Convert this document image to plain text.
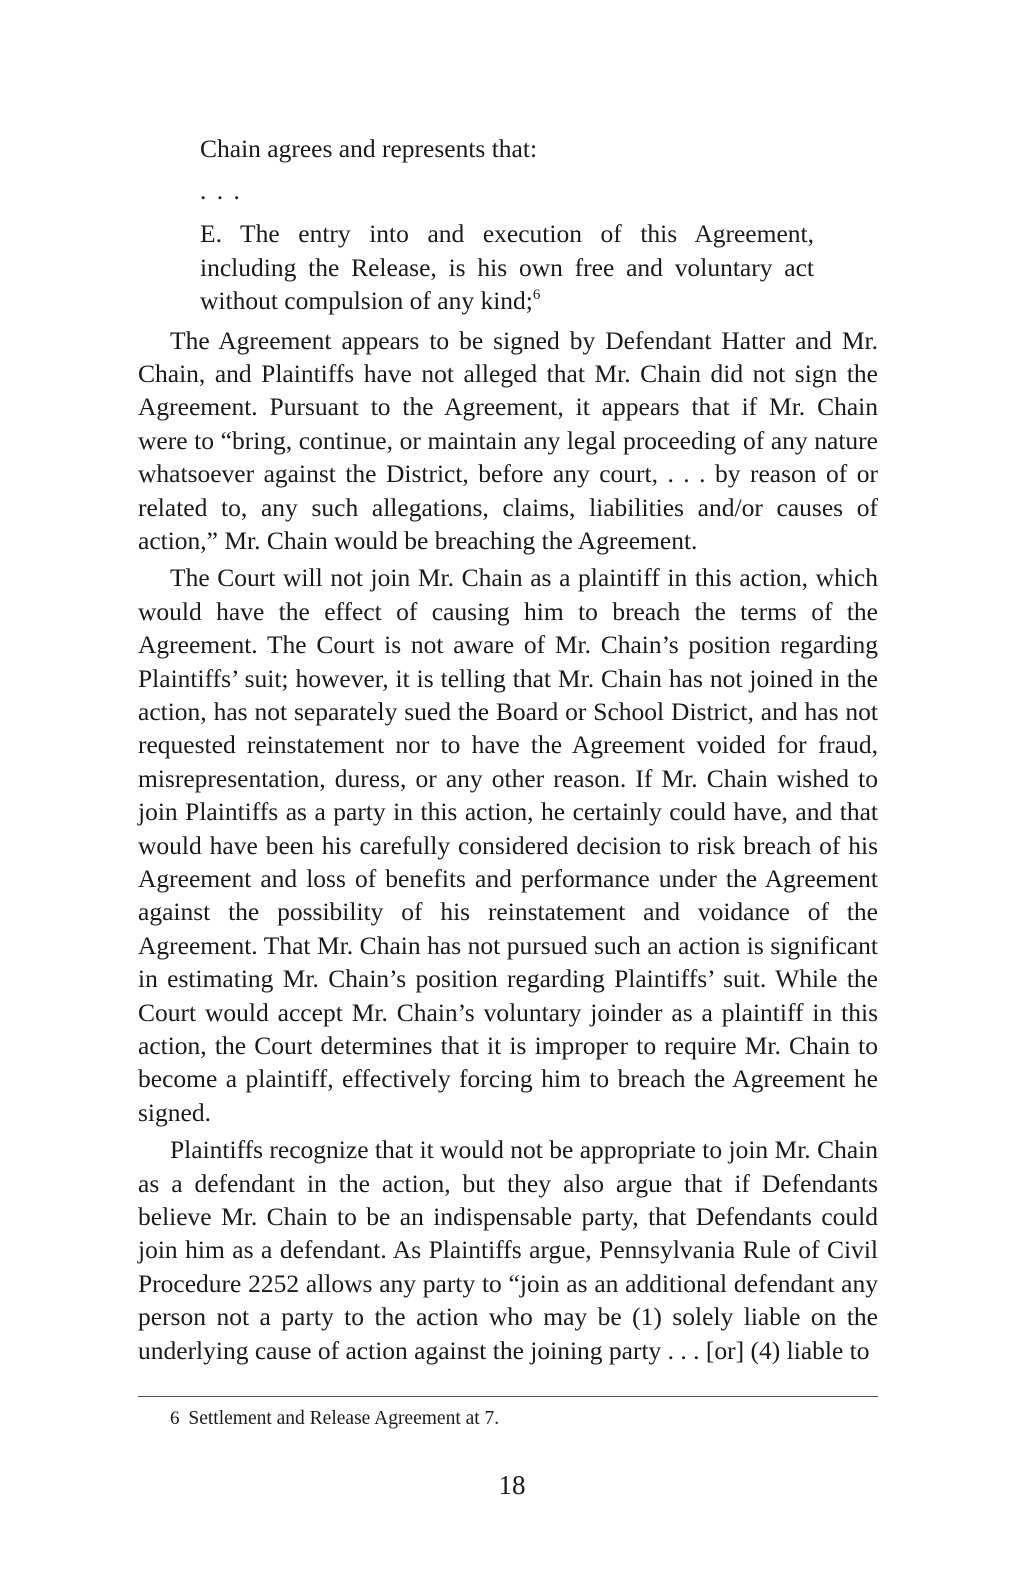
Chain agrees and represents that:

. . .

E. The entry into and execution of this Agreement, including the Release, is his own free and voluntary act without compulsion of any kind;$^6$

The Agreement appears to be signed by Defendant Hatter and Mr. Chain, and Plaintiffs have not alleged that Mr. Chain did not sign the Agreement. Pursuant to the Agreement, it appears that if Mr. Chain were to “bring, continue, or maintain any legal proceeding of any nature whatsoever against the District, before any court, . . . by reason of or related to, any such allegations, claims, liabilities and/or causes of action,” Mr. Chain would be breaching the Agreement.

The Court will not join Mr. Chain as a plaintiff in this action, which would have the effect of causing him to breach the terms of the Agreement. The Court is not aware of Mr. Chain’s position regarding Plaintiffs’ suit; however, it is telling that Mr. Chain has not joined in the action, has not separately sued the Board or School District, and has not requested reinstatement nor to have the Agreement voided for fraud, misrepresentation, duress, or any other reason. If Mr. Chain wished to join Plaintiffs as a party in this action, he certainly could have, and that would have been his carefully considered decision to risk breach of his Agreement and loss of benefits and performance under the Agreement against the possibility of his reinstatement and voidance of the Agreement. That Mr. Chain has not pursued such an action is significant in estimating Mr. Chain’s position regarding Plaintiffs’ suit. While the Court would accept Mr. Chain’s voluntary joinder as a plaintiff in this action, the Court determines that it is improper to require Mr. Chain to become a plaintiff, effectively forcing him to breach the Agreement he signed.

Plaintiffs recognize that it would not be appropriate to join Mr. Chain as a defendant in the action, but they also argue that if Defendants believe Mr. Chain to be an indispensable party, that Defendants could join him as a defendant. As Plaintiffs argue, Pennsylvania Rule of Civil Procedure 2252 allows any party to “join as an additional defendant any person not a party to the action who may be (1) solely liable on the underlying cause of action against the joining party . . . [or] (4) liable to

6 Settlement and Release Agreement at 7.
18
